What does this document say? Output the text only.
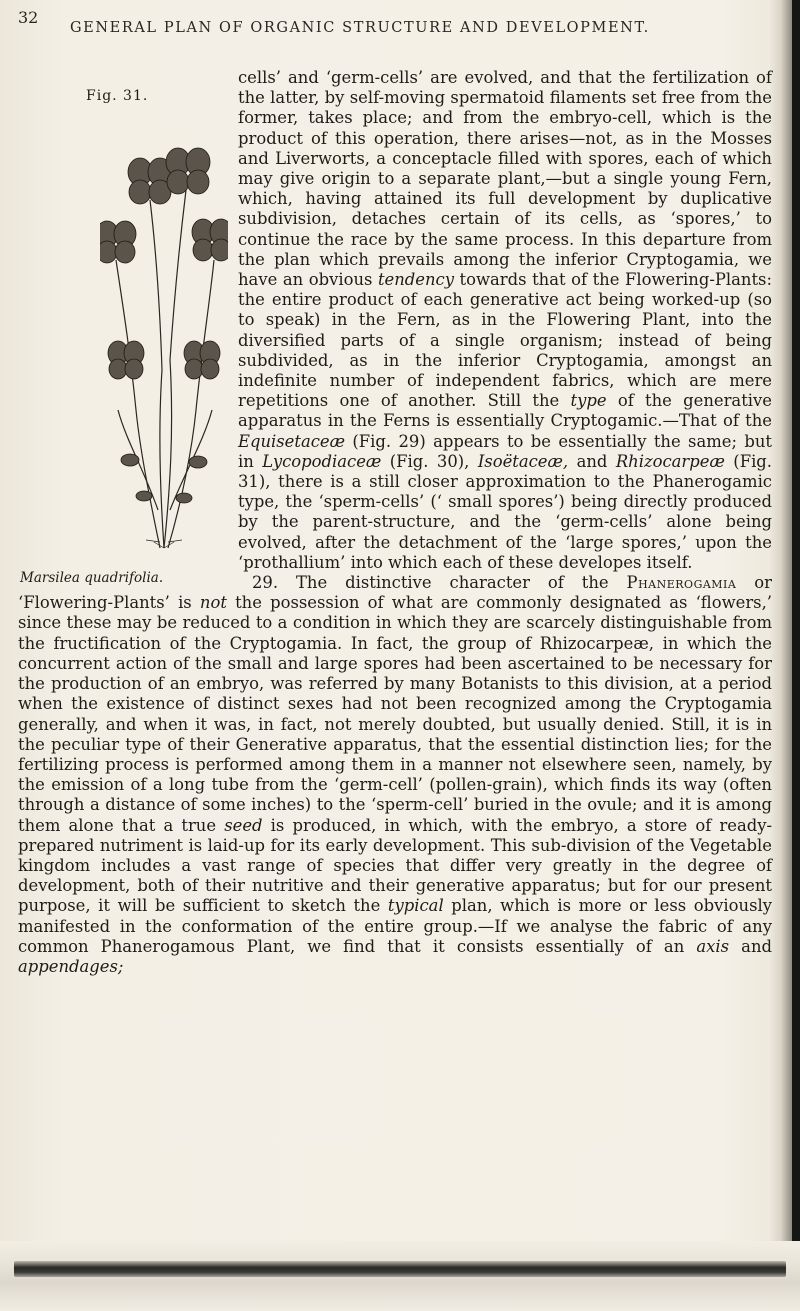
32
GENERAL PLAN OF ORGANIC STRUCTURE AND DEVELOPMENT.
Fig. 31.
Marsilea quadrifolia.

cells’ and ‘germ-cells’ are evolved, and that the fertilization of the latter, by self-moving spermatoid filaments set free from the former, takes place; and from the embryo-cell, which is the product of this operation, there arises—not, as in the Mosses and Liverworts, a conceptacle filled with spores, each of which may give origin to a separate plant,—but a single young Fern, which, having attained its full development by duplicative subdivision, detaches certain of its cells, as ‘spores,’ to continue the race by the same process. In this departure from the plan which prevails among the inferior Cryptogamia, we have an obvious tendency towards that of the Flowering-Plants: the entire product of each generative act being worked-up (so to speak) in the Fern, as in the Flowering Plant, into the diversified parts of a single organism; instead of being subdivided, as in the inferior Cryptogamia, amongst an indefinite number of independent fabrics, which are mere repetitions one of another. Still the type of the generative apparatus in the Ferns is essentially Cryptogamic.—That of the Equisetaceæ (Fig. 29) appears to be essentially the same; but in Lycopodiaceæ (Fig. 30), Isoëtaceæ, and Rhizocarpeæ (Fig. 31), there is a still closer approximation to the Phanerogamic type, the ‘sperm-cells’ (‘ small spores’) being directly produced by the parent-structure, and the ‘germ-cells’ alone being evolved, after the detachment of the ‘large spores,’ upon the ‘prothallium’ into which each of these developes itself.

29. The distinctive character of the Phanerogamia or ‘Flowering-Plants’ is not the possession of what are commonly designated as ‘flowers,’ since these may be reduced to a condition in which they are scarcely distinguishable from the fructification of the Cryptogamia. In fact, the group of Rhizocarpeæ, in which the concurrent action of the small and large spores had been ascertained to be necessary for the production of an embryo, was referred by many Botanists to this division, at a period when the existence of distinct sexes had not been recognized among the Cryptogamia generally, and when it was, in fact, not merely doubted, but usually denied. Still, it is in the peculiar type of their Generative apparatus, that the essential distinction lies; for the fertilizing process is performed among them in a manner not elsewhere seen, namely, by the emission of a long tube from the ‘germ-cell’ (pollen-grain), which finds its way (often through a distance of some inches) to the ‘sperm-cell’ buried in the ovule; and it is among them alone that a true seed is produced, in which, with the embryo, a store of ready-prepared nutriment is laid-up for its early development. This sub-division of the Vegetable kingdom includes a vast range of species that differ very greatly in the degree of development, both of their nutritive and their generative apparatus; but for our present purpose, it will be sufficient to sketch the typical plan, which is more or less obviously manifested in the conformation of the entire group.—If we analyse the fabric of any common Phanerogamous Plant, we find that it consists essentially of an axis and appendages;
